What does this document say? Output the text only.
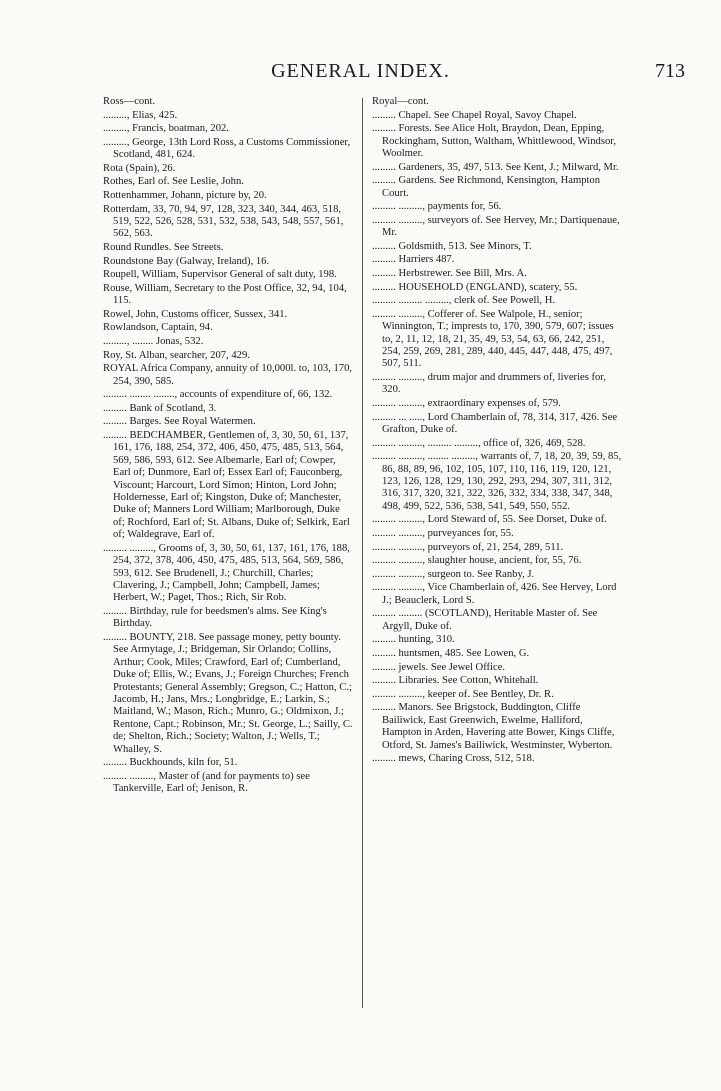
GENERAL INDEX.	713
Ross—cont.
........., Elias, 425.
........., Francis, boatman, 202.
........., George, 13th Lord Ross, a Customs Commissioner, Scotland, 481, 624.
Rota (Spain), 26.
Rothes, Earl of. See Leslie, John.
Rottenhammer, Johann, picture by, 20.
Rotterdam, 33, 70, 94, 97, 128, 323, 340, 344, 463, 518, 519, 522, 526, 528, 531, 532, 538, 543, 548, 557, 561, 562, 563.
Round Rundles. See Streets.
Roundstone Bay (Galway, Ireland), 16.
Roupell, William, Supervisor General of salt duty, 198.
Rouse, William, Secretary to the Post Office, 32, 94, 104, 115.
Rowel, John, Customs officer, Sussex, 341.
Rowlandson, Captain, 94.
........., ........ Jonas, 532.
Roy, St. Alban, searcher, 207, 429.
ROYAL Africa Company, annuity of 10,000l. to, 103, 170, 254, 390, 585.
......... ........ ........, accounts of expenditure of, 66, 132.
......... Bank of Scotland, 3.
......... Barges. See Royal Watermen.
......... BEDCHAMBER, Gentlemen of, 3, 30, 50, 61, 137, 161, 176, 188, 254, 372, 406, 450, 475, 485, 513, 564, 569, 586, 593, 612. See Albemarle, Earl of; Cowper, Earl of; Dunmore, Earl of; Essex Earl of; Fauconberg, Viscount; Harcourt, Lord Simon; Hinton, Lord John; Holdernesse, Earl of; Kingston, Duke of; Manchester, Duke of; Manners Lord William; Marlborough, Duke of; Rochford, Earl of; St. Albans, Duke of; Selkirk, Earl of; Waldegrave, Earl of.
......... ........., Grooms of, 3, 30, 50, 61, 137, 161, 176, 188, 254, 372, 378, 406, 450, 475, 485, 513, 564, 569, 586, 593, 612. See Brudenell, J.; Churchill, Charles; Clavering, J.; Campbell, John; Campbell, James; Herbert, W.; Paget, Thos.; Rich, Sir Rob.
......... Birthday, rule for beedsmen's alms. See King's Birthday.
......... BOUNTY, 218. See passage money, petty bounty. See Armytage, J.; Bridgeman, Sir Orlando; Collins, Arthur; Cook, Miles; Crawford, Earl of; Cumberland, Duke of; Ellis, W.; Evans, J.; Foreign Churches; French Protestants; General Assembly; Gregson, C.; Hatton, C.; Jacomb, H.; Jans, Mrs.; Longbridge, E.; Larkin, S.; Maitland, W.; Mason, Rich.; Munro, G.; Oldmixon, J.; Rentone, Capt.; Robinson, Mr.; St. George, L.; Sailly, C. de; Shelton, Rich.; Society; Walton, J.; Wells, T.; Whalley, S.
......... Buckhounds, kiln for, 51.
......... ........., Master of (and for payments to) see Tankerville, Earl of; Jenison, R.
Royal—cont.
......... Chapel. See Chapel Royal, Savoy Chapel.
......... Forests. See Alice Holt, Braydon, Dean, Epping, Rockingham, Sutton, Waltham, Whittlewood, Windsor, Woolmer.
......... Gardeners, 35, 497, 513. See Kent, J.; Milward, Mr.
......... Gardens. See Richmond, Kensington, Hampton Court.
......... ........., payments for, 56.
......... ........., surveyors of. See Hervey, Mr.; Dartiquenaue, Mr.
......... Goldsmith, 513. See Minors, T.
......... Harriers 487.
......... Herbstrewer. See Bill, Mrs. A.
......... HOUSEHOLD (ENGLAND), scatery, 55.
......... ......... ........., clerk of. See Powell, H.
......... ........., Cofferer of. See Walpole, H., senior; Winnington, T.; imprests to, 170, 390, 579, 607; issues to, 2, 11, 12, 18, 21, 35, 49, 53, 54, 63, 66, 242, 251, 254, 259, 269, 281, 289, 440, 445, 447, 448, 475, 497, 507, 511.
......... ........., drum major and drummers of, liveries for, 320.
......... ........., extraordinary expenses of, 579.
......... ... ....., Lord Chamberlain of, 78, 314, 317, 426. See Grafton, Duke of.
......... ........., ......... ........., office of, 326, 469, 528.
......... ........., ........ ........., warrants of, 7, 18, 20, 39, 59, 85, 86, 88, 89, 96, 102, 105, 107, 110, 116, 119, 120, 121, 123, 126, 128, 129, 130, 292, 293, 294, 307, 311, 312, 316, 317, 320, 321, 322, 326, 332, 334, 338, 347, 348, 498, 499, 522, 536, 538, 541, 549, 550, 552.
......... ........., Lord Steward of, 55. See Dorset, Duke of.
......... ........., purveyances for, 55.
......... ........., purveyors of, 21, 254, 289, 511.
......... ........., slaughter house, ancient, for, 55, 76.
......... ........., surgeon to. See Ranby, J.
......... ........., Vice Chamberlain of, 426. See Hervey, Lord J.; Beauclerk, Lord S.
......... ......... (SCOTLAND), Heritable Master of. See Argyll, Duke of.
......... hunting, 310.
......... huntsmen, 485. See Lowen, G.
......... jewels. See Jewel Office.
......... Libraries. See Cotton, Whitehall.
......... ........., keeper of. See Bentley, Dr. R.
......... Manors. See Brigstock, Buddington, Cliffe Bailiwick, East Greenwich, Ewelme, Halliford, Hampton in Arden, Havering atte Bower, Kings Cliffe, Otford, St. James's Bailiwick, Westminster, Wyberton.
......... mews, Charing Cross, 512, 518.
